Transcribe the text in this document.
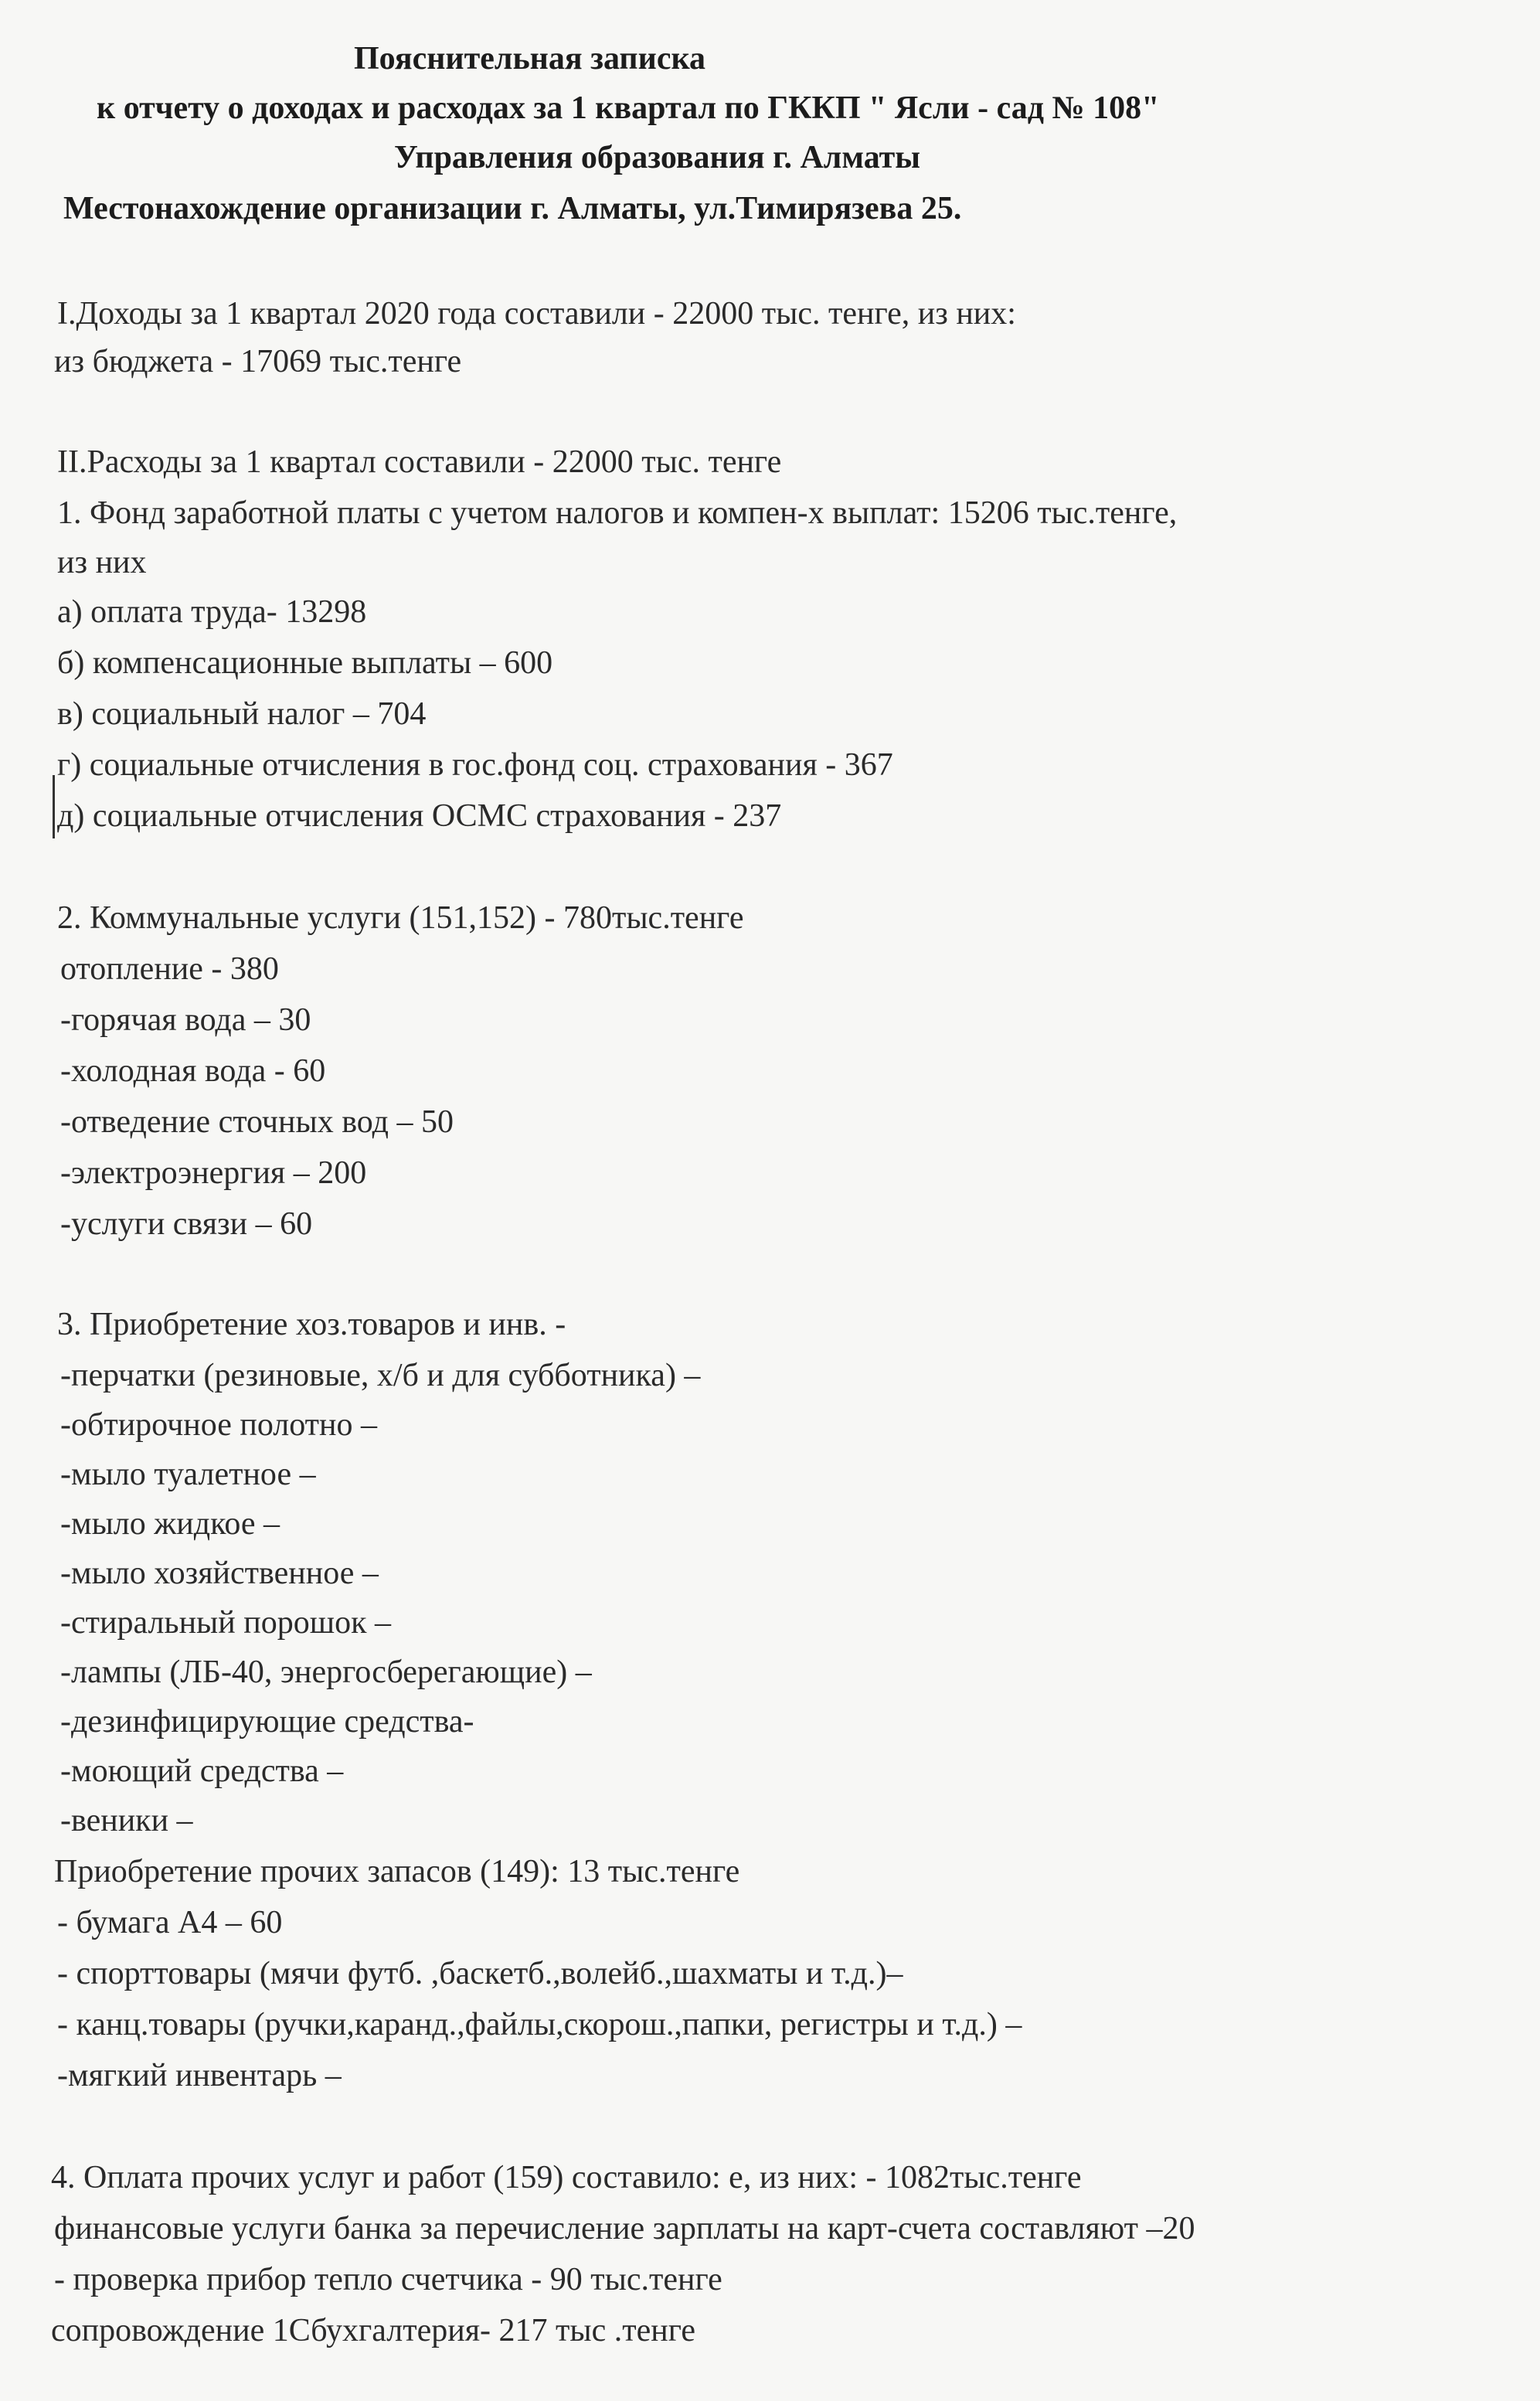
Пояснительная записка
к отчету о доходах и расходах за 1 квартал по ГККП " Ясли - сад № 108"
Управления образования г. Алматы
Местонахождение организации г. Алматы, ул.Тимирязева 25.
I.Доходы за 1 квартал 2020 года составили - 22000 тыс. тенге, из них:
из бюджета - 17069 тыс.тенге
II.Расходы за 1 квартал составили - 22000 тыс. тенге
1. Фонд заработной платы с учетом налогов и компен-х выплат: 15206 тыс.тенге,
из них
а) оплата труда- 13298
б) компенсационные выплаты – 600
в) социальный налог – 704
г) социальные отчисления в гос.фонд соц. страхования - 367
д) социальные отчисления ОСМС страхования - 237
2. Коммунальные услуги (151,152) - 780тыс.тенге
отопление - 380
-горячая вода – 30
-холодная вода - 60
-отведение сточных вод – 50
-электроэнергия – 200
-услуги связи – 60
3. Приобретение хоз.товаров и инв. -
-перчатки (резиновые, х/б и для субботника) –
-обтирочное полотно –
-мыло туалетное –
-мыло жидкое –
-мыло хозяйственное –
-стиральный порошок –
-лампы (ЛБ-40, энергосберегающие) –
-дезинфицирующие средства-
-моющий средства –
-веники –
Приобретение прочих запасов (149): 13 тыс.тенге
- бумага А4 – 60
- спорттовары (мячи футб. ,баскетб.,волейб.,шахматы и т.д.)–
- канц.товары (ручки,каранд.,файлы,скорош.,папки, регистры и т.д.) –
-мягкий инвентарь –
4. Оплата прочих услуг и работ (159) составило: е, из них: - 1082тыс.тенге
финансовые услуги банка за перечисление зарплаты на карт-счета составляют –20
- проверка прибор тепло счетчика - 90 тыс.тенге
сопровождение 1Сбухгалтерия- 217 тыс .тенге
